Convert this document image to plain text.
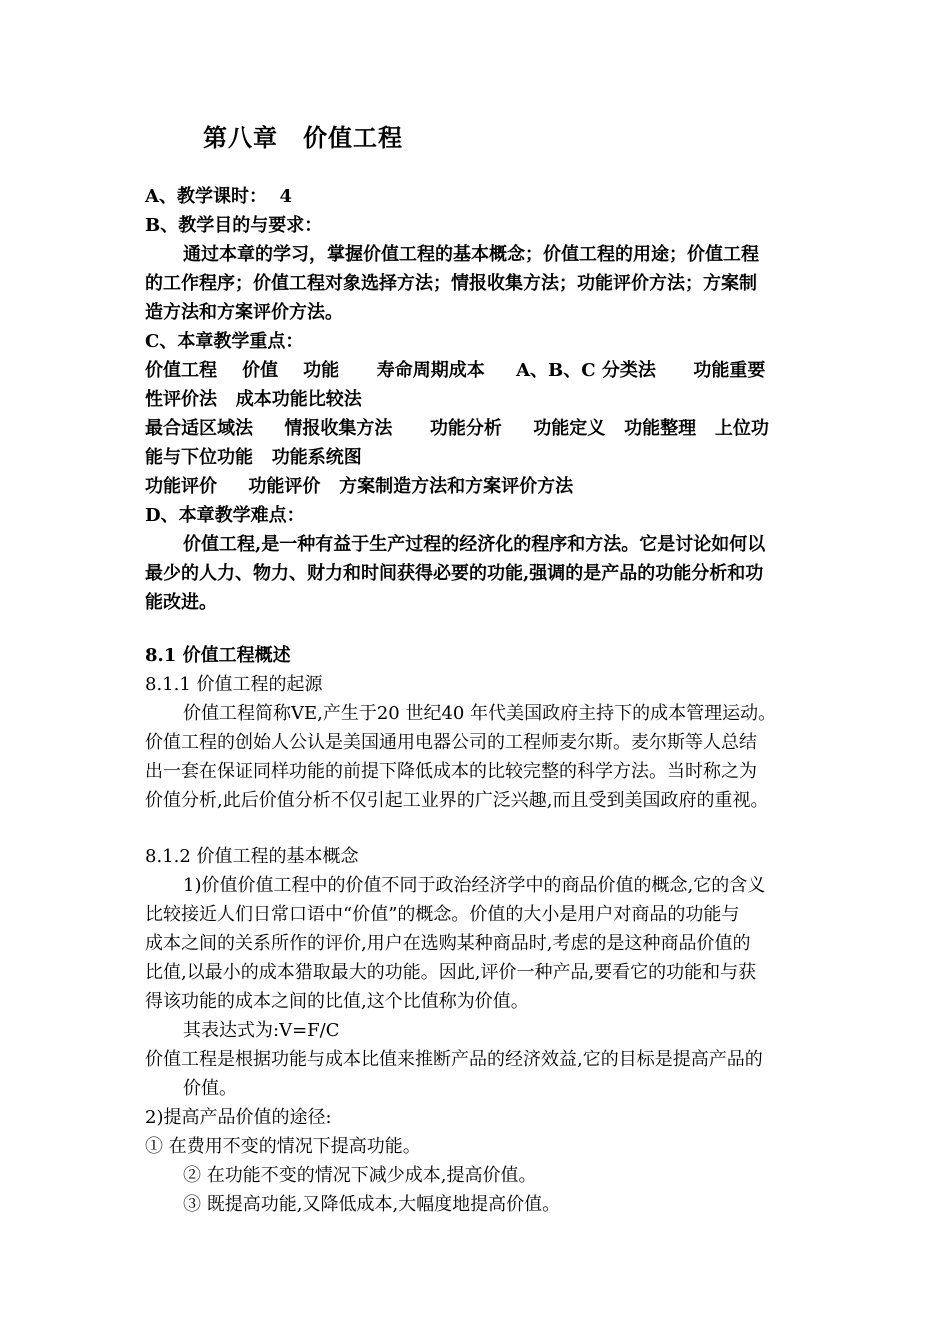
第八章　价值工程
A、教学课时：  4
B、教学目的与要求：
通过本章的学习，掌握价值工程的基本概念；价值工程的用途；价值工程
的工作程序；价值工程对象选择方法；情报收集方法；功能评价方法；方案制
造方法和方案评价方法。
C、本章教学重点：
价值工程    价值    功能      寿命周期成本     A、B、C 分类法      功能重要
性评价法   成本功能比较法
最合适区域法     情报收集方法      功能分析     功能定义   功能整理   上位功
能与下位功能   功能系统图
功能评价     功能评价   方案制造方法和方案评价方法
D、本章教学难点：
价值工程,是一种有益于生产过程的经济化的程序和方法。它是讨论如何以
最少的人力、物力、财力和时间获得必要的功能,强调的是产品的功能分析和功
能改进。
8.1 价值工程概述
8.1.1 价值工程的起源
价值工程简称VE,产生于20 世纪40 年代美国政府主持下的成本管理运动。
价值工程的创始人公认是美国通用电器公司的工程师麦尔斯。麦尔斯等人总结
出一套在保证同样功能的前提下降低成本的比较完整的科学方法。当时称之为
价值分析,此后价值分析不仅引起工业界的广泛兴趣,而且受到美国政府的重视。
8.1.2 价值工程的基本概念
1)价值价值工程中的价值不同于政治经济学中的商品价值的概念,它的含义
比较接近人们日常口语中“价值”的概念。价值的大小是用户对商品的功能与
成本之间的关系所作的评价,用户在选购某种商品时,考虑的是这种商品价值的
比值,以最小的成本猎取最大的功能。因此,评价一种产品,要看它的功能和与获
得该功能的成本之间的比值,这个比值称为价值。
其表达式为:V=F/C
价值工程是根据功能与成本比值来推断产品的经济效益,它的目标是提高产品的
价值。
2)提高产品价值的途径:
① 在费用不变的情况下提高功能。
② 在功能不变的情况下减少成本,提高价值。
③ 既提高功能,又降低成本,大幅度地提高价值。
